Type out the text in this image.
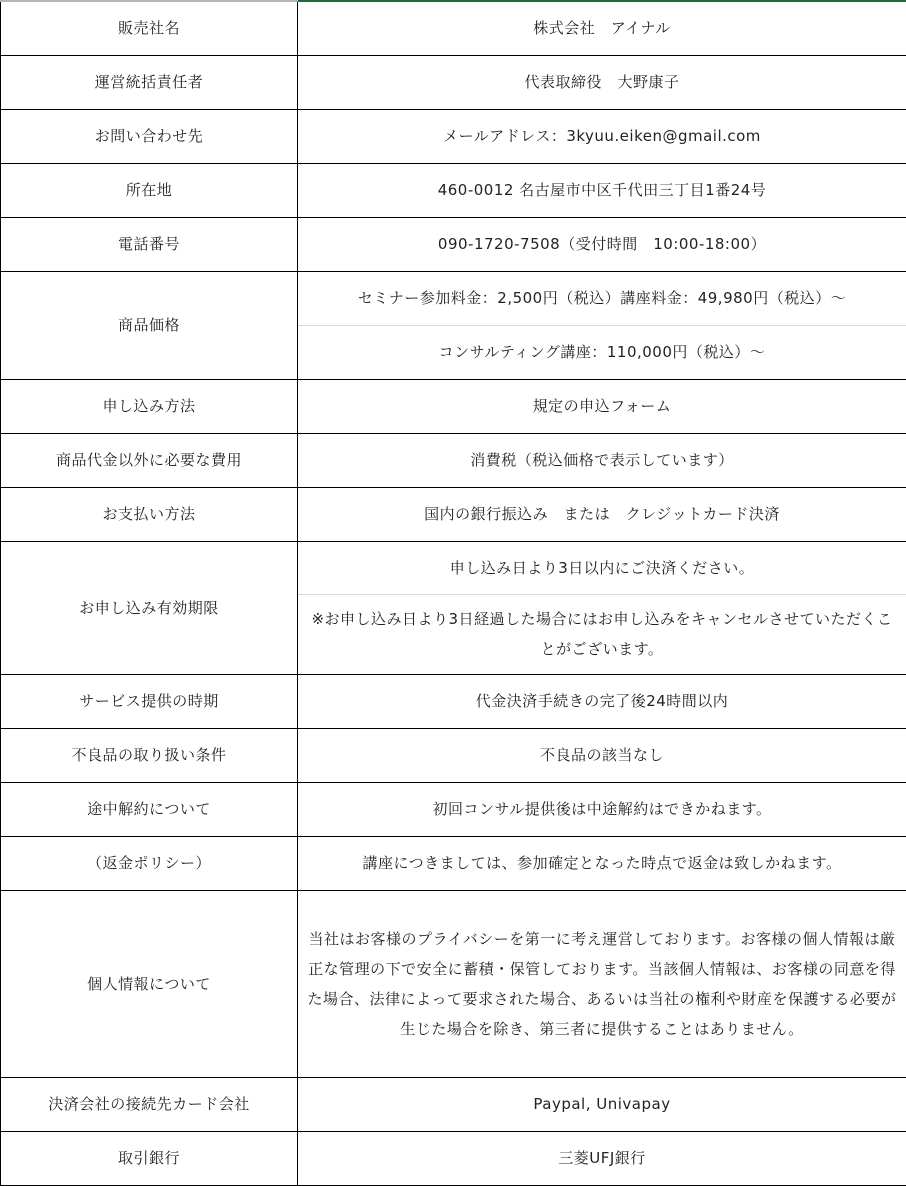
販売社名	株式会社　アイナル
運営統括責任者	代表取締役　大野康子
お問い合わせ先	メールアドレス：3kyuu.eiken@gmail.com
所在地	460-0012 名古屋市中区千代田三丁目1番24号
電話番号	090-1720-7508（受付時間　10:00-18:00）
商品価格	セミナー参加料金：2,500円（税込）講座料金：49,980円（税込）〜
	コンサルティング講座：110,000円（税込）〜
申し込み方法	規定の申込フォーム
商品代金以外に必要な費用	消費税（税込価格で表示しています）
お支払い方法	国内の銀行振込み　または　クレジットカード決済
お申し込み有効期限	申し込み日より3日以内にご決済ください。
	※お申し込み日より3日経過した場合にはお申し込みをキャンセルさせていただくことがございます。
サービス提供の時期	代金決済手続きの完了後24時間以内
不良品の取り扱い条件	不良品の該当なし
途中解約について	初回コンサル提供後は中途解約はできかねます。
（返金ポリシー）	講座につきましては、参加確定となった時点で返金は致しかねます。
個人情報について	当社はお客様のプライバシーを第一に考え運営しております。お客様の個人情報は厳正な管理の下で安全に蓄積・保管しております。当該個人情報は、お客様の同意を得た場合、法律によって要求された場合、あるいは当社の権利や財産を保護する必要が生じた場合を除き、第三者に提供することはありません。
決済会社の接続先カード会社	Paypal, Univapay
取引銀行	三菱UFJ銀行
